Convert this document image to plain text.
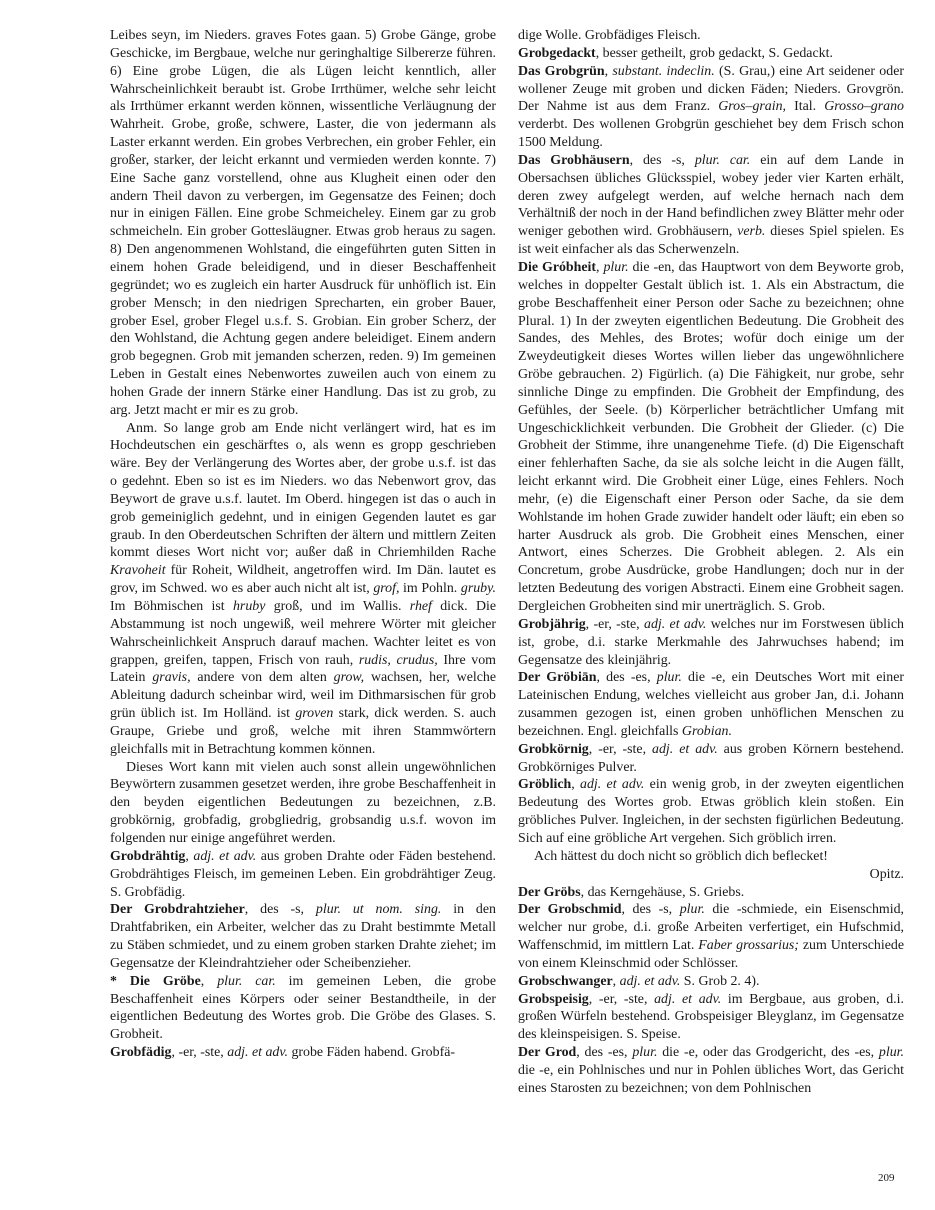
Leibes seyn, im Nieders. graves Fotes gaan. 5) Grobe Gänge, grobe Geschicke, im Bergbaue, welche nur geringhaltige Silbererze führen. 6) Eine grobe Lügen, die als Lügen leicht kenntlich, aller Wahrscheinlichkeit beraubt ist. Grobe Irrthümer, welche sehr leicht als Irrthümer erkannt werden können, wissentliche Verläugnung der Wahrheit. Grobe, große, schwere, Laster, die von jedermann als Laster erkannt werden. Ein grobes Verbrechen, ein grober Fehler, ein großer, starker, der leicht erkannt und vermieden werden konnte. 7) Eine Sache ganz vorstellend, ohne aus Klugheit einen oder den andern Theil davon zu verbergen, im Gegensatze des Feinen; doch nur in einigen Fällen. Eine grobe Schmeicheley. Einem gar zu grob schmeicheln. Ein grober Gottesläugner. Etwas grob heraus zu sagen. 8) Den angenommenen Wohlstand, die eingeführten guten Sitten in einem hohen Grade beleidigend, und in dieser Beschaffenheit gegründet; wo es zugleich ein harter Ausdruck für unhöflich ist. Ein grober Mensch; in den niedrigen Sprecharten, ein grober Bauer, grober Esel, grober Flegel u.s.f. S. Grobian. Ein grober Scherz, der den Wohlstand, die Achtung gegen andere beleidiget. Einem andern grob begegnen. Grob mit jemanden scherzen, reden. 9) Im gemeinen Leben in Gestalt eines Nebenwortes zuweilen auch von einem zu hohen Grade der innern Stärke einer Handlung. Das ist zu grob, zu arg. Jetzt macht er mir es zu grob.

Anm. So lange grob am Ende nicht verlängert wird, hat es im Hochdeutschen ein geschärftes o, als wenn es gropp geschrieben wäre. Bey der Verlängerung des Wortes aber, der grobe u.s.f. ist das o gedehnt. Eben so ist es im Nieders. wo das Nebenwort grov, das Beywort de grave u.s.f. lautet. Im Oberd. hingegen ist das o auch in grob gemeiniglich gedehnt, und in einigen Gegenden lautet es gar graub. In den Oberdeutschen Schriften der ältern und mittlern Zeiten kommt dieses Wort nicht vor; außer daß in Chriemhilden Rache Kravoheit für Roheit, Wildheit, angetroffen wird. Im Dän. lautet es grov, im Schwed. wo es aber auch nicht alt ist, grof, im Pohln. gruby. Im Böhmischen ist hruby groß, und im Wallis. rhef dick. Die Abstammung ist noch ungewiß, weil mehrere Wörter mit gleicher Wahrscheinlichkeit Anspruch darauf machen. Wachter leitet es von grappen, greifen, tappen, Frisch von rauh, rudis, crudus, Ihre vom Latein gravis, andere von dem alten grow, wachsen, her, welche Ableitung dadurch scheinbar wird, weil im Dithmarsischen für grob grün üblich ist. Im Holländ. ist groven stark, dick werden. S. auch Graupe, Griebe und groß, welche mit ihren Stammwörtern gleichfalls mit in Betrachtung kommen können.

Dieses Wort kann mit vielen auch sonst allein ungewöhnlichen Beywörtern zusammen gesetzet werden, ihre grobe Beschaffenheit in den beyden eigentlichen Bedeutungen zu bezeichnen, z.B. grobkörnig, grobfadig, grobgliedrig, grobsandig u.s.f. wovon im folgenden nur einige angeführet werden.

Grobdrähtig, adj. et adv. aus groben Drahte oder Fäden bestehend. Grobdrähtiges Fleisch, im gemeinen Leben. Ein grobdrähtiger Zeug. S. Grobfädig.

Der Grobdrahtzieher, des -s, plur. ut nom. sing. in den Drahtfabriken, ein Arbeiter, welcher das zu Draht bestimmte Metall zu Stäben schmiedet, und zu einem groben starken Drahte ziehet; im Gegensatze der Kleindrahtzieher oder Scheibenzieher.

* Die Gröbe, plur. car. im gemeinen Leben, die grobe Beschaffenheit eines Körpers oder seiner Bestandtheile, in der eigentlichen Bedeutung des Wortes grob. Die Gröbe des Glases. S. Grobheit.

Grobfädig, -er, -ste, adj. et adv. grobe Fäden habend. Grobfä-

dige Wolle. Grobfädiges Fleisch.

Grobgedackt, besser getheilt, grob gedackt, S. Gedackt.

Das Grobgrün, substant. indeclin. (S. Grau,) eine Art seidener oder wollener Zeuge mit groben und dicken Fäden; Nieders. Grovgrön. Der Nahme ist aus dem Franz. Gros–grain, Ital. Grosso–grano verderbt. Des wollenen Grobgrün geschiehet bey dem Frisch schon 1500 Meldung.

Das Grobhäusern, des -s, plur. car. ein auf dem Lande in Obersachsen übliches Glücksspiel, wobey jeder vier Karten erhält, deren zwey aufgelegt werden, auf welche hernach nach dem Verhältniß der noch in der Hand befindlichen zwey Blätter mehr oder weniger gebothen wird. Grobhäusern, verb. dieses Spiel spielen. Es ist weit einfacher als das Scherwenzeln.

Die Gróbheit, plur. die -en, das Hauptwort von dem Beyworte grob, welches in doppelter Gestalt üblich ist. 1. Als ein Abstractum, die grobe Beschaffenheit einer Person oder Sache zu bezeichnen; ohne Plural. 1) In der zweyten eigentlichen Bedeutung. Die Grobheit des Sandes, des Mehles, des Brotes; wofür doch einige um der Zweydeutigkeit dieses Wortes willen lieber das ungewöhnlichere Gröbe gebrauchen. 2) Figürlich. (a) Die Fähigkeit, nur grobe, sehr sinnliche Dinge zu empfinden. Die Grobheit der Empfindung, des Gefühles, der Seele. (b) Körperlicher beträchtlicher Umfang mit Ungeschicklichkeit verbunden. Die Grobheit der Glieder. (c) Die Grobheit der Stimme, ihre unangenehme Tiefe. (d) Die Eigenschaft einer fehlerhaften Sache, da sie als solche leicht in die Augen fällt, leicht erkannt wird. Die Grobheit einer Lüge, eines Fehlers. Noch mehr, (e) die Eigenschaft einer Person oder Sache, da sie dem Wohlstande im hohen Grade zuwider handelt oder läuft; ein eben so harter Ausdruck als grob. Die Grobheit eines Menschen, einer Antwort, eines Scherzes. Die Grobheit ablegen. 2. Als ein Concretum, grobe Ausdrücke, grobe Handlungen; doch nur in der letzten Bedeutung des vorigen Abstracti. Einem eine Grobheit sagen. Dergleichen Grobheiten sind mir unerträglich. S. Grob.

Grobjährig, -er, -ste, adj. et adv. welches nur im Forstwesen üblich ist, grobe, d.i. starke Merkmahle des Jahrwuchses habend; im Gegensatze des kleinjährig.

Der Gröbiān, des -es, plur. die -e, ein Deutsches Wort mit einer Lateinischen Endung, welches vielleicht aus grober Jan, d.i. Johann zusammen gezogen ist, einen groben unhöflichen Menschen zu bezeichnen. Engl. gleichfalls Grobian.

Grobkörnig, -er, -ste, adj. et adv. aus groben Körnern bestehend. Grobkörniges Pulver.

Gröblich, adj. et adv. ein wenig grob, in der zweyten eigentlichen Bedeutung des Wortes grob. Etwas gröblich klein stoßen. Ein gröbliches Pulver. Ingleichen, in der sechsten figürlichen Bedeutung. Sich auf eine gröbliche Art vergehen. Sich gröblich irren.

Ach hättest du doch nicht so gröblich dich beflecket!

Opitz.

Der Gröbs, das Kerngehäuse, S. Griebs.

Der Grobschmid, des -s, plur. die -schmiede, ein Eisenschmid, welcher nur grobe, d.i. große Arbeiten verfertiget, ein Hufschmid, Waffenschmid, im mittlern Lat. Faber grossarius; zum Unterschiede von einem Kleinschmid oder Schlösser.

Grobschwanger, adj. et adv. S. Grob 2. 4).

Grobspeisig, -er, -ste, adj. et adv. im Bergbaue, aus groben, d.i. großen Würfeln bestehend. Grobspeisiger Bleyglanz, im Gegensatze des kleinspeisigen. S. Speise.

Der Grod, des -es, plur. die -e, oder das Grodgericht, des -es, plur. die -e, ein Pohlnisches und nur in Pohlen übliches Wort, das Gericht eines Starosten zu bezeichnen; von dem Pohlnischen

209
